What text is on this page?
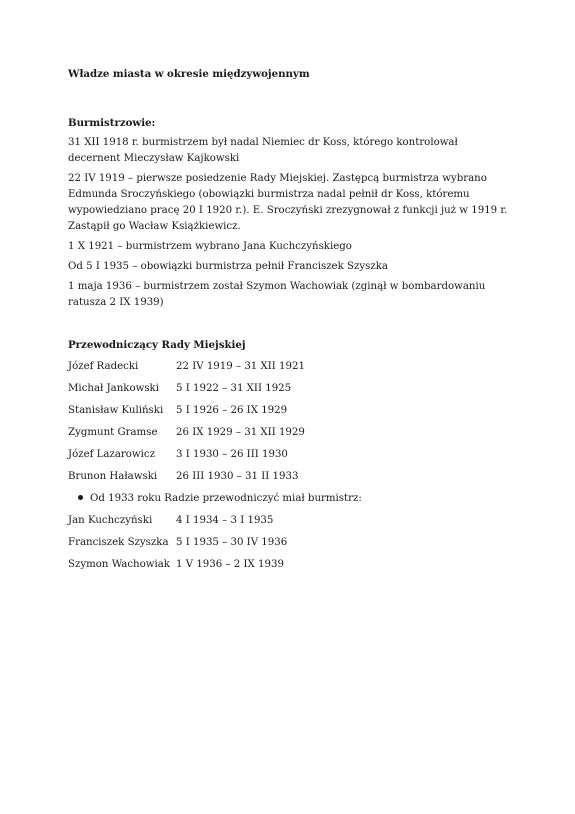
Władze miasta w okresie międzywojennym

Burmistrzowie:

31 XII 1918 r. burmistrzem był nadal Niemiec dr Koss, którego kontrolował decernent Mieczysław Kajkowski

22 IV 1919 – pierwsze posiedzenie Rady Miejskiej. Zastępcą burmistrza wybrano Edmunda Sroczyńskiego (obowiązki burmistrza nadal pełnił dr Koss, któremu wypowiedziano pracę 20 I 1920 r.). E. Sroczyński zrezygnował z funkcji już w 1919 r. Zastąpił go Wacław Książkiewicz.

1 X 1921 – burmistrzem wybrano Jana Kuchczyńskiego

Od 5 I 1935 – obowiązki burmistrza pełnił Franciszek Szyszka

1 maja 1936 – burmistrzem został Szymon Wachowiak (zginął w bombardowaniu ratusza 2 IX 1939)

Przewodniczący Rady Miejskiej

Józef Radecki	22 IV 1919 – 31 XII 1921
Michał Jankowski	5 I 1922 – 31 XII 1925
Stanisław Kuliński	5 I 1926 – 26 IX 1929
Zygmunt Gramse	26 IX 1929 – 31 XII 1929
Józef Lazarowicz	3 I 1930 – 26 III 1930
Brunon Haławski	26 III 1930 – 31 II 1933
Od 1933 roku Radzie przewodniczyć miał burmistrz:
Jan Kuchczyński	4 I 1934 – 3 I 1935
Franciszek Szyszka 5 I 1935 – 30 IV 1936
Szymon Wachowiak 1 V 1936 – 2 IX 1939
